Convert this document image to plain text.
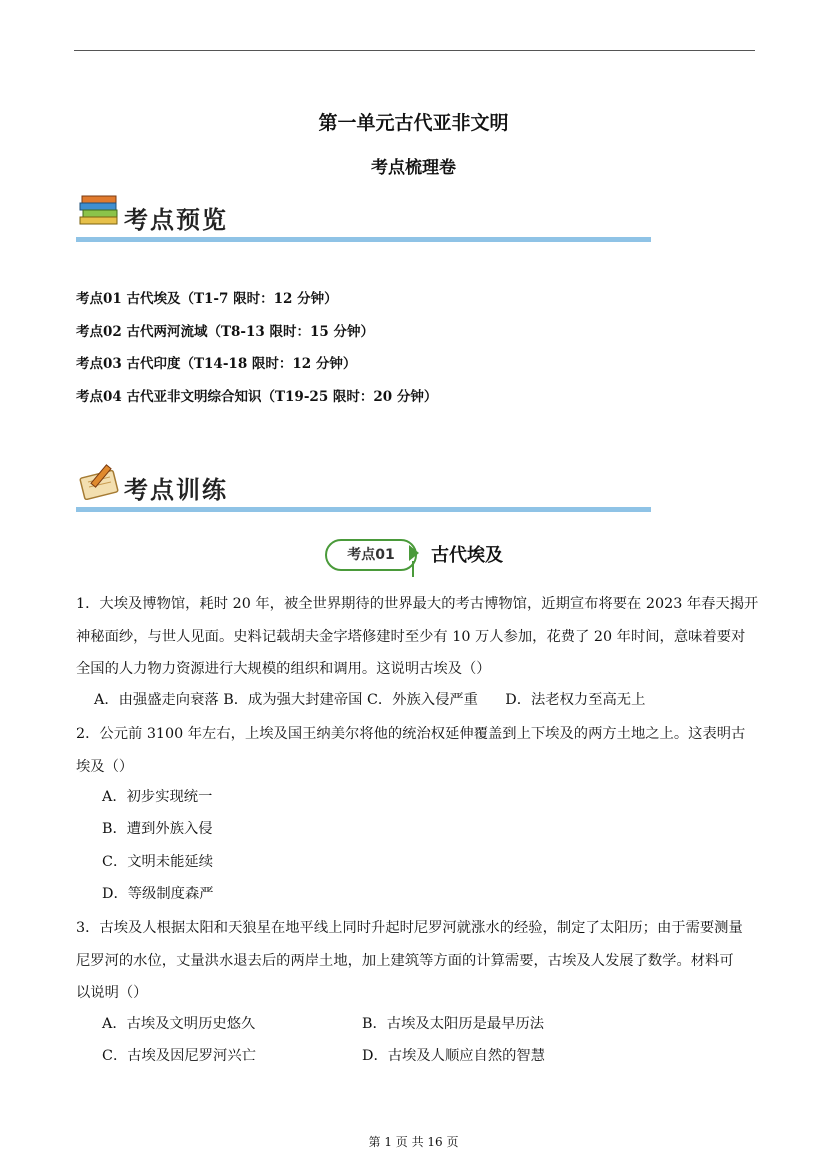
第一单元古代亚非文明
考点梳理卷
考点预览
考点01 古代埃及（T1-7 限时：12 分钟）
考点02 古代两河流域（T8-13 限时：15 分钟）
考点03 古代印度（T14-18 限时：12 分钟）
考点04 古代亚非文明综合知识（T19-25 限时：20 分钟）
考点训练
考点01	古代埃及
1．大埃及博物馆，耗时 20 年，被全世界期待的世界最大的考古博物馆，近期宣布将要在 2023 年春天揭开
神秘面纱，与世人见面。史料记载胡夫金字塔修建时至少有 10 万人参加，花费了 20 年时间，意味着要对
全国的人力物力资源进行大规模的组织和调用。这说明古埃及（）
A．由强盛走向衰落 B．成为强大封建帝国 C．外族入侵严重      D．法老权力至高无上
2．公元前 3100 年左右，上埃及国王纳美尔将他的统治权延伸覆盖到上下埃及的两方土地之上。这表明古
埃及（）
A．初步实现统一
B．遭到外族入侵
C．文明未能延续
D．等级制度森严
3．古埃及人根据太阳和天狼星在地平线上同时升起时尼罗河就涨水的经验，制定了太阳历；由于需要测量
尼罗河的水位，丈量洪水退去后的两岸土地，加上建筑等方面的计算需要，古埃及人发展了数学。材料可
以说明（）
A．古埃及文明历史悠久	B．古埃及太阳历是最早历法
C．古埃及因尼罗河兴亡	D．古埃及人顺应自然的智慧
第 1 页 共 16 页
